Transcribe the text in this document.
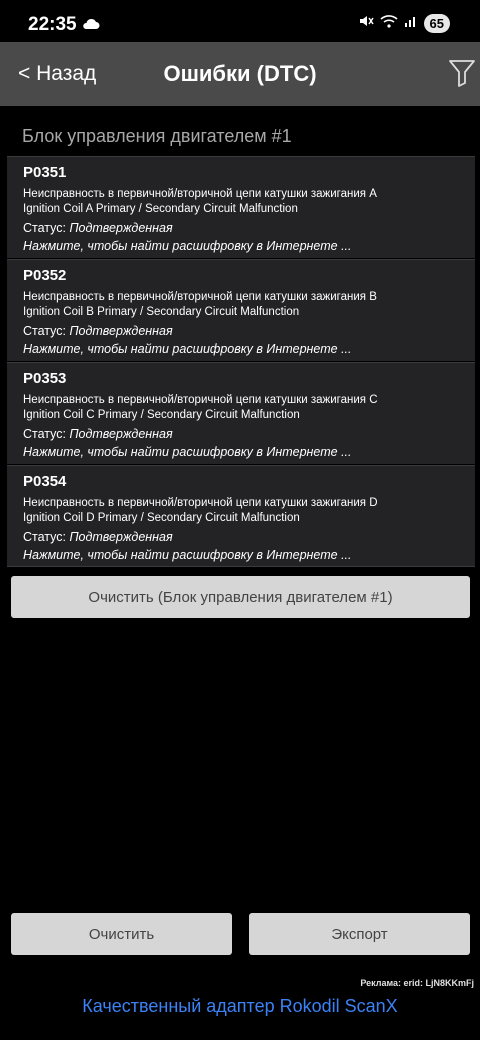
22:35	65
< Назад	Ошибки (DTC)
Блок управления двигателем #1
P0351
Неисправность в первичной/вторичной цепи катушки зажигания A
Ignition Coil A Primary / Secondary Circuit Malfunction
Статус: Подтвержденная
Нажмите, чтобы найти расшифровку в Интернете ...
P0352
Неисправность в первичной/вторичной цепи катушки зажигания B
Ignition Coil B Primary / Secondary Circuit Malfunction
Статус: Подтвержденная
Нажмите, чтобы найти расшифровку в Интернете ...
P0353
Неисправность в первичной/вторичной цепи катушки зажигания C
Ignition Coil C Primary / Secondary Circuit Malfunction
Статус: Подтвержденная
Нажмите, чтобы найти расшифровку в Интернете ...
P0354
Неисправность в первичной/вторичной цепи катушки зажигания D
Ignition Coil D Primary / Secondary Circuit Malfunction
Статус: Подтвержденная
Нажмите, чтобы найти расшифровку в Интернете ...
Очистить (Блок управления двигателем #1)
Очистить	Экспорт
Реклама: erid: LjN8KKmFj
Качественный адаптер Rokodil ScanX
